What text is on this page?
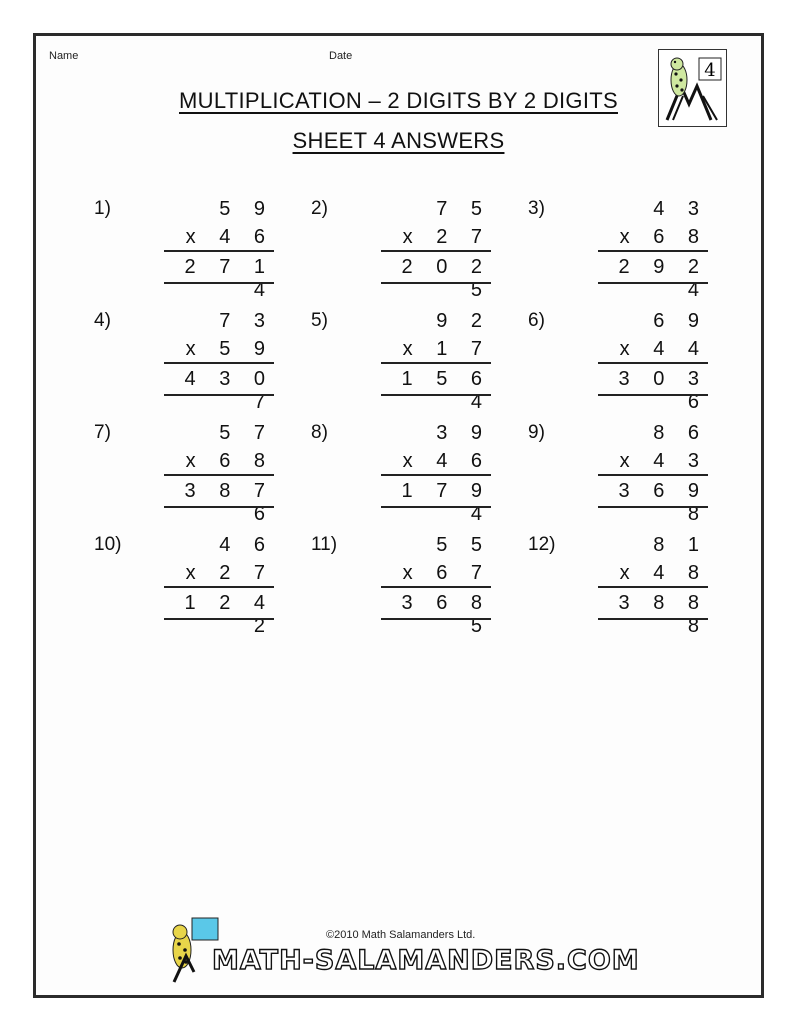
Name	Date
4
MULTIPLICATION – 2 DIGITS BY 2 DIGITS
SHEET 4 ANSWERS
1)	5 9
x 4 6
2 7 1 4
2)	7 5
x 2 7
2 0 2 5
3)	4 3
x 6 8
2 9 2 4
4)	7 3
x 5 9
4 3 0 7
5)	9 2
x 1 7
1 5 6 4
6)	6 9
x 4 4
3 0 3 6
7)	5 7
x 6 8
3 8 7 6
8)	3 9
x 4 6
1 7 9 4
9)	8 6
x 4 3
3 6 9 8
10)	4 6
x 2 7
1 2 4 2
11)	5 5
x 6 7
3 6 8 5
12)	8 1
x 4 8
3 8 8 8
©2010 Math Salamanders Ltd.
MATH-SALAMANDERS.COM
